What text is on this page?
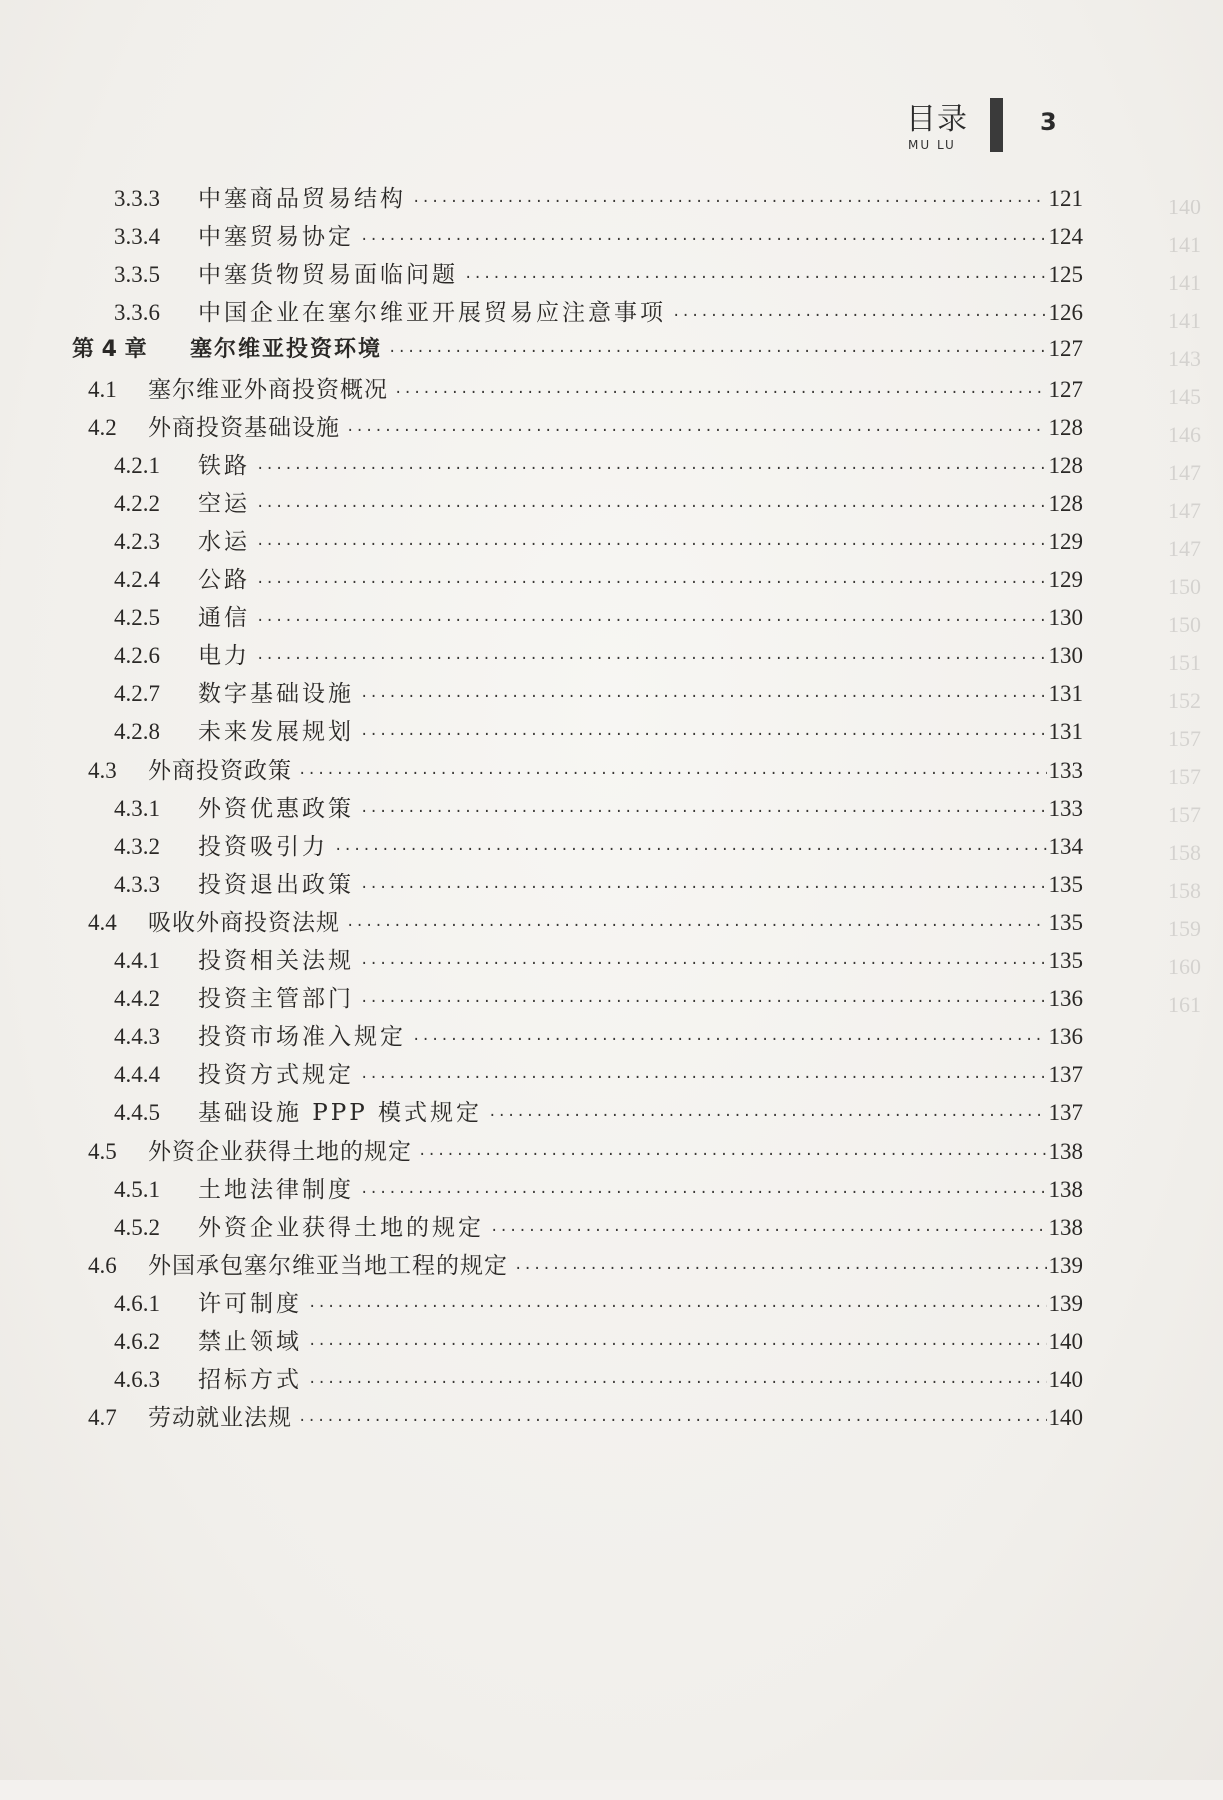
目录
MU LU
3
140
141
141
141
143
145
146
147
147
147
150
150
151
152
157
157
157
158
158
159
160
161
3.3.3	中塞商品贸易结构 ·····	121
3.3.4	中塞贸易协定 ·····	124
3.3.5	中塞货物贸易面临问题 ·····	125
3.3.6	中国企业在塞尔维亚开展贸易应注意事项 ·····	126
第 4 章	塞尔维亚投资环境 ·····	127
4.1	塞尔维亚外商投资概况 ·····	127
4.2	外商投资基础设施 ·····	128
4.2.1	铁路 ·····	128
4.2.2	空运 ·····	128
4.2.3	水运 ·····	129
4.2.4	公路 ·····	129
4.2.5	通信 ·····	130
4.2.6	电力 ·····	130
4.2.7	数字基础设施 ·····	131
4.2.8	未来发展规划 ·····	131
4.3	外商投资政策 ·····	133
4.3.1	外资优惠政策 ·····	133
4.3.2	投资吸引力 ·····	134
4.3.3	投资退出政策 ·····	135
4.4	吸收外商投资法规 ·····	135
4.4.1	投资相关法规 ·····	135
4.4.2	投资主管部门 ·····	136
4.4.3	投资市场准入规定 ·····	136
4.4.4	投资方式规定 ·····	137
4.4.5	基础设施 PPP 模式规定 ·····	137
4.5	外资企业获得土地的规定 ·····	138
4.5.1	土地法律制度 ·····	138
4.5.2	外资企业获得土地的规定 ·····	138
4.6	外国承包塞尔维亚当地工程的规定 ·····	139
4.6.1	许可制度 ·····	139
4.6.2	禁止领域 ·····	140
4.6.3	招标方式 ·····	140
4.7	劳动就业法规 ·····	140
